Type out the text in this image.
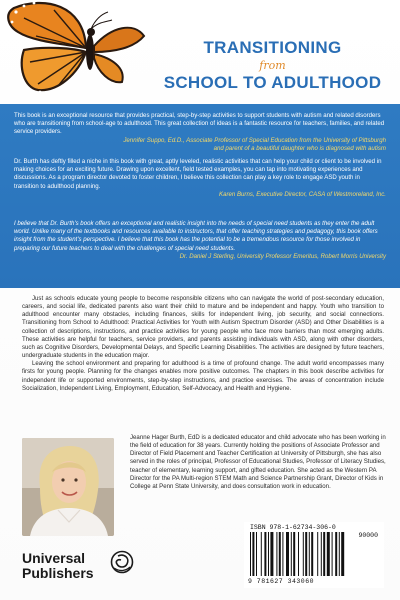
TRANSITIONING
from
SCHOOL TO ADULTHOOD
This book is an exceptional resource that provides practical, step-by-step activities to support students with autism and related disorders who are transitioning from school-age to adulthood. This great collection of ideas is a fantastic resource for teachers, families, and related service providers.
Jennifer Suppo, Ed.D., Associate Professor of Special Education from the University of Pittsburgh
and parent of a beautiful daughter who is diagnosed with autism
Dr. Burth has deftly filled a niche in this book with great, aptly leveled, realistic activities that can help your child or client to be involved in making choices for an exciting future. Drawing upon excellent, field tested examples, you can tap into motivating experiences and discussions. As a program director devoted to foster children, I believe this collection can play a key role to engage ASD youth in transition to adulthood planning.
Karen Burns, Executive Director, CASA of Westmoreland, Inc.
I believe that Dr. Burth's book offers an exceptional and realistic insight into the needs of special need students as they enter the adult world. Unlike many of the textbooks and resources available to instructors, that offer teaching strategies and pedagogy, this book offers insight from the student's perspective. I believe that this book has the potential to be a tremendous resource for those involved in preparing our future teachers to deal with the challenges of special need students.
Dr. Daniel J Sterling, University Professor Emeritus, Robert Morris University

Just as schools educate young people to become responsible citizens who can navigate the world of post-secondary education, careers, and social life, dedicated parents also want their child to mature and be independent and happy. Youth who transition to adulthood encounter many obstacles, including finances, skills for independent living, job security, and social connections. Transitioning from School to Adulthood: Practical Activities for Youth with Autism Spectrum Disorder (ASD) and Other Disabilities is a collection of descriptions, instructions, and practice activities for young people who face more barriers than most emerging adults. These activities are helpful for teachers, service providers, and parents assisting individuals with ASD, along with other disorders, such as Cognitive Disorders, Developmental Delays, and Specific Learning Disabilities. The activities are designed by future teachers, undergraduate students in the education major.

Leaving the school environment and preparing for adulthood is a time of profound change. The adult world encompasses many firsts for young people. Planning for the changes enables more positive outcomes. The chapters in this book describe activities for independent life or supported environments, step-by-step instructions, and practice exercises. The areas of concentration include Socialization, Independent Living, Employment, Education, Self-Advocacy, and Health and Hygiene.

Jeanne Hager Burth, EdD is a dedicated educator and child advocate who has been working in the field of education for 38 years. Currently holding the positions of Associate Professor and Director of Field Placement and Teacher Certification at University of Pittsburgh, she has also served in the roles of principal, Professor of Educational Studies, Professor of Literacy Studies, teacher of elementary, learning support, and gifted education. She acted as the Western PA Director for the PA Multi-region STEM Math and Science Partnership Grant, Director of Kids in College at Penn State University, and does consultation work in education.
Universal
Publishers
ISBN 978-1-62734-306-0
90000
9 781627 343060
